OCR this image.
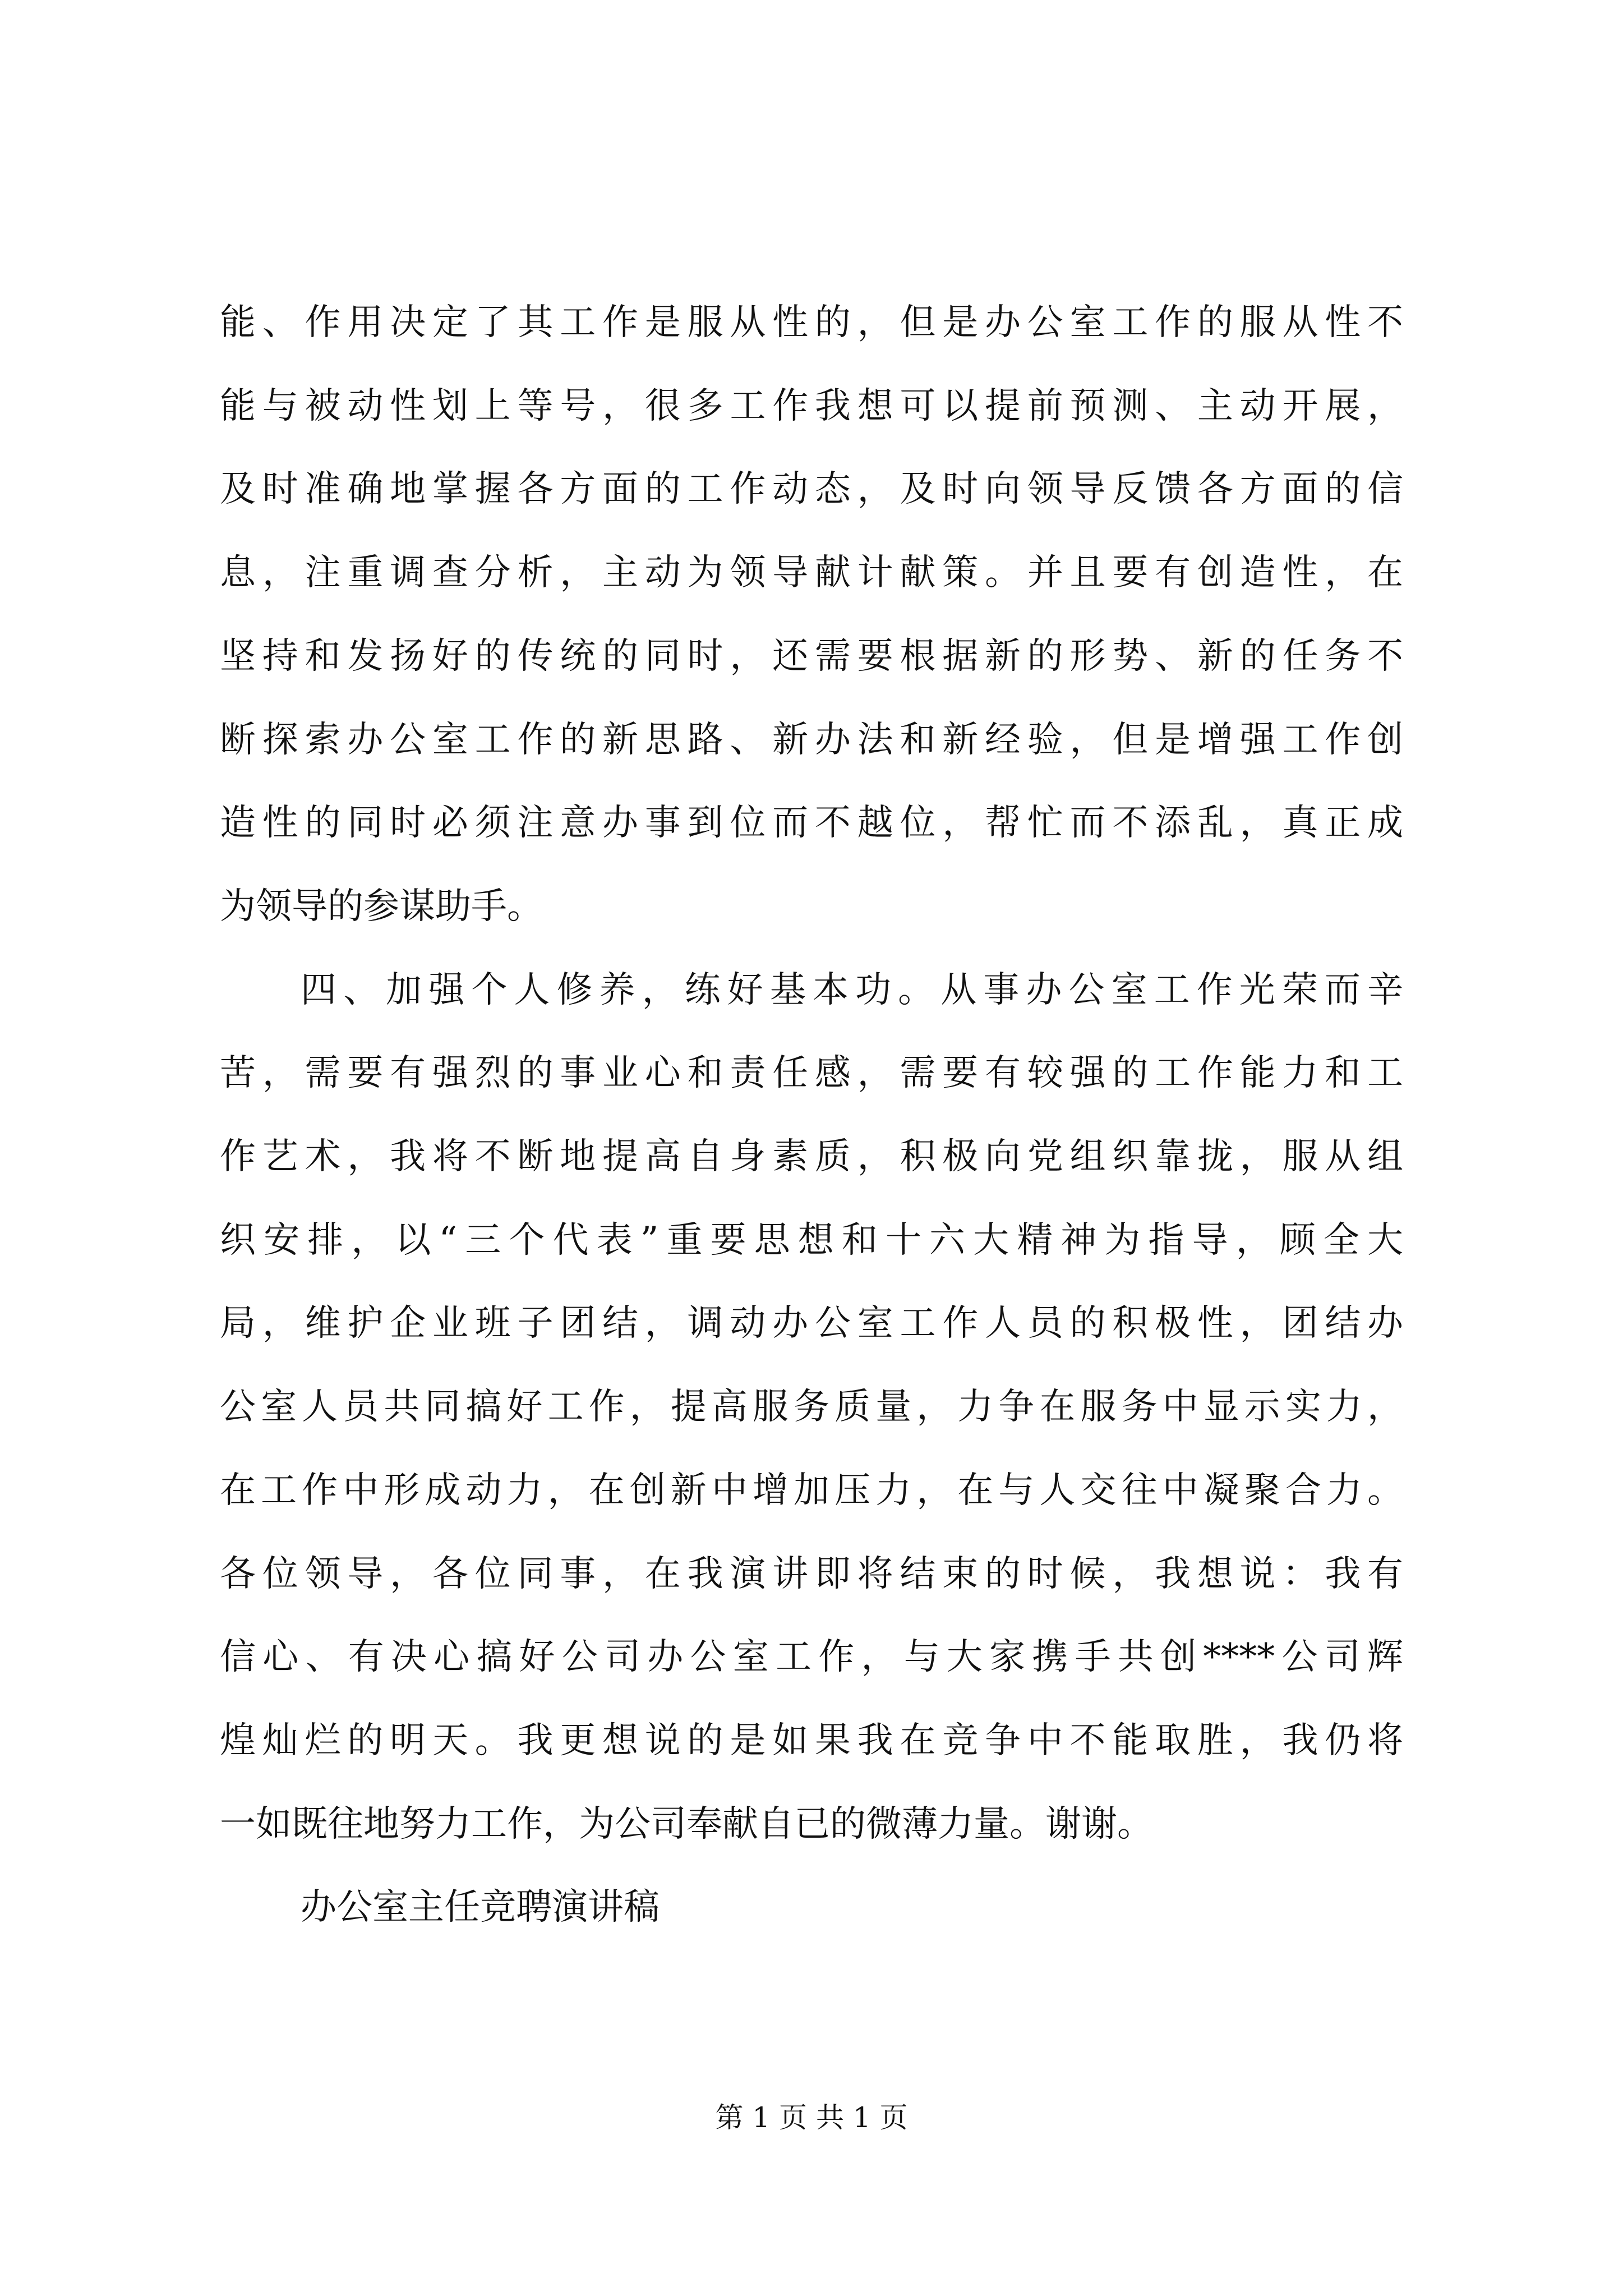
能、作用决定了其工作是服从性的，但是办公室工作的服从性不
能与被动性划上等号，很多工作我想可以提前预测、主动开展，
及时准确地掌握各方面的工作动态，及时向领导反馈各方面的信
息，注重调查分析，主动为领导献计献策。并且要有创造性，在
坚持和发扬好的传统的同时，还需要根据新的形势、新的任务不
断探索办公室工作的新思路、新办法和新经验，但是增强工作创
造性的同时必须注意办事到位而不越位，帮忙而不添乱，真正成
为领导的参谋助手。
四、加强个人修养，练好基本功。从事办公室工作光荣而辛
苦，需要有强烈的事业心和责任感，需要有较强的工作能力和工
作艺术，我将不断地提高自身素质，积极向党组织靠拢，服从组
织安排，以“三个代表”重要思想和十六大精神为指导，顾全大
局，维护企业班子团结，调动办公室工作人员的积极性，团结办
公室人员共同搞好工作，提高服务质量，力争在服务中显示实力，
在工作中形成动力，在创新中增加压力，在与人交往中凝聚合力。
各位领导，各位同事，在我演讲即将结束的时候，我想说：我有
信心、有决心搞好公司办公室工作，与大家携手共创****公司辉
煌灿烂的明天。我更想说的是如果我在竞争中不能取胜，我仍将
一如既往地努力工作，为公司奉献自已的微薄力量。谢谢。
办公室主任竞聘演讲稿
第 1 页 共 1 页
